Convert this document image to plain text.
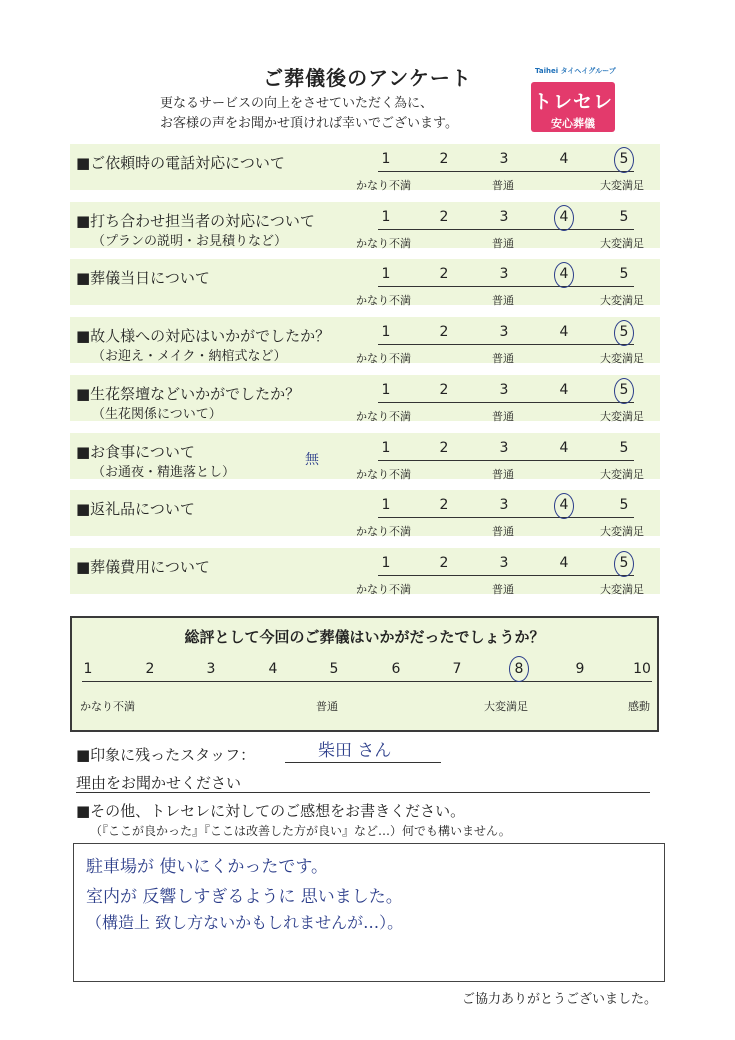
ご葬儀後のアンケート
更なるサービスの向上をさせていただく為に、
お客様の声をお聞かせ頂ければ幸いでございます。
Taihei タイヘイグループ
トレセレ
安心葬儀
■ご依頼時の電話対応について	1	2	3	4	5
かなり不満	普通	大変満足
■打ち合わせ担当者の対応について
（プランの説明・お見積りなど）
1	2	3	4	5
かなり不満	普通	大変満足
■葬儀当日について	1	2	3	4	5
かなり不満	普通	大変満足
■故人様への対応はいかがでしたか？
（お迎え・メイク・納棺式など）
1	2	3	4	5
かなり不満	普通	大変満足
■生花祭壇などいかがでしたか？
（生花関係について）
1	2	3	4	5
かなり不満	普通	大変満足
■お食事について
（お通夜・精進落とし）
無
1	2	3	4	5
かなり不満	普通	大変満足
■返礼品について	1	2	3	4	5
かなり不満	普通	大変満足
■葬儀費用について	1	2	3	4	5
かなり不満	普通	大変満足
総評として今回のご葬儀はいかがだったでしょうか？
1	2	3	4	5	6	7	8	9	10
かなり不満	普通	大変満足	感動
■印象に残ったスタッフ：	柴田 さん
理由をお聞かせください
■その他、トレセレに対してのご感想をお書きください。
（『ここが良かった』『ここは改善した方が良い』など…）何でも構いません。
駐車場が 使いにくかったです。
室内が 反響しすぎるように 思いました。
（構造上 致し方ないかもしれませんが…）。
ご協力ありがとうございました。
